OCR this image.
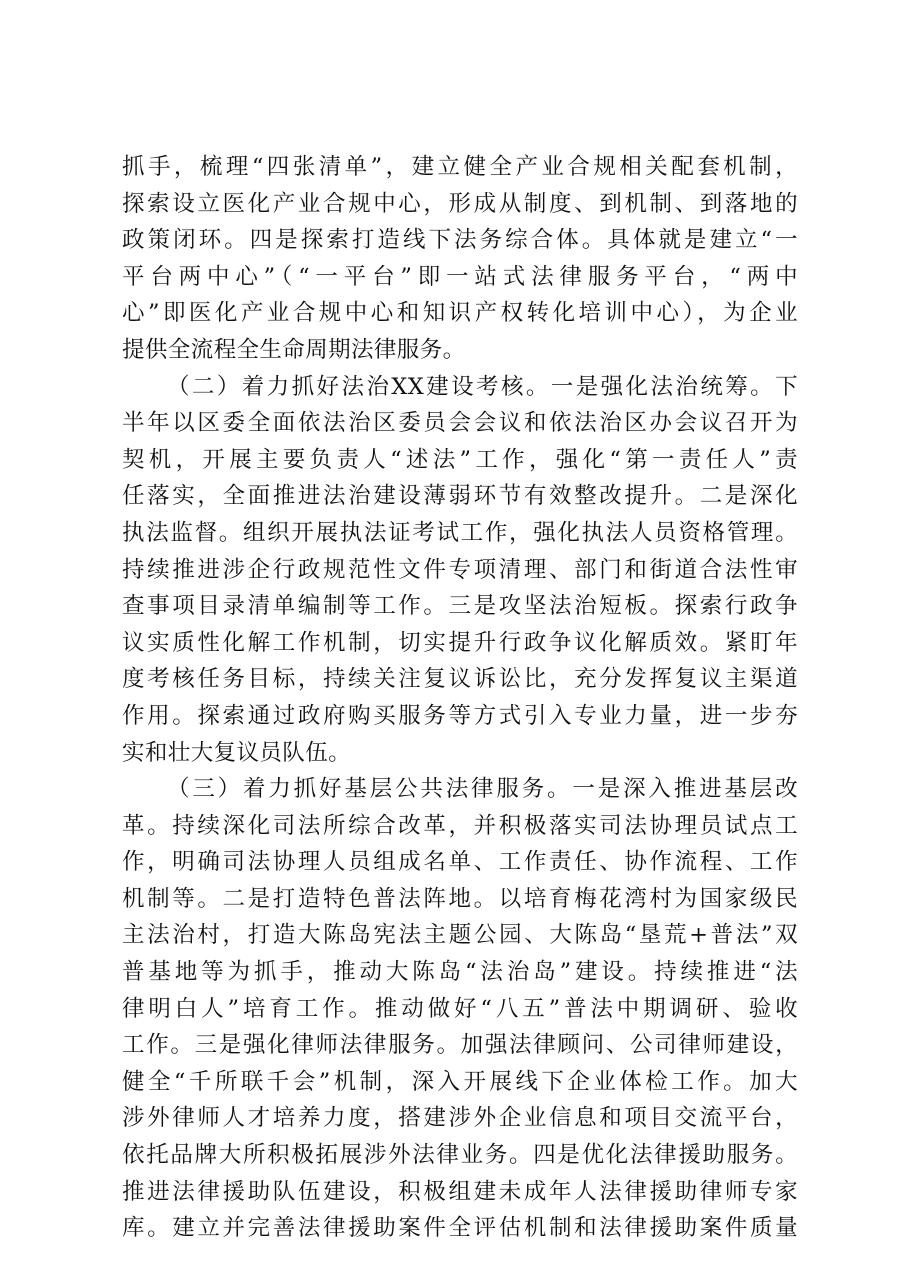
抓手，梳理“四张清单”，建立健全产业合规相关配套机制，
探索设立医化产业合规中心，形成从制度、到机制、到落地的
政策闭环。四是探索打造线下法务综合体。具体就是建立“一
平台两中心”（“一平台”即一站式法律服务平台，“两中
心”即医化产业合规中心和知识产权转化培训中心），为企业
提供全流程全生命周期法律服务。
（二）着力抓好法治XX建设考核。一是强化法治统筹。下
半年以区委全面依法治区委员会会议和依法治区办会议召开为
契机，开展主要负责人“述法”工作，强化“第一责任人”责
任落实，全面推进法治建设薄弱环节有效整改提升。二是深化
执法监督。组织开展执法证考试工作，强化执法人员资格管理。
持续推进涉企行政规范性文件专项清理、部门和街道合法性审
查事项目录清单编制等工作。三是攻坚法治短板。探索行政争
议实质性化解工作机制，切实提升行政争议化解质效。紧盯年
度考核任务目标，持续关注复议诉讼比，充分发挥复议主渠道
作用。探索通过政府购买服务等方式引入专业力量，进一步夯
实和壮大复议员队伍。
（三）着力抓好基层公共法律服务。一是深入推进基层改
革。持续深化司法所综合改革，并积极落实司法协理员试点工
作，明确司法协理人员组成名单、工作责任、协作流程、工作
机制等。二是打造特色普法阵地。以培育梅花湾村为国家级民
主法治村，打造大陈岛宪法主题公园、大陈岛“垦荒+普法”双
普基地等为抓手，推动大陈岛“法治岛”建设。持续推进“法
律明白人”培育工作。推动做好“八五”普法中期调研、验收
工作。三是强化律师法律服务。加强法律顾问、公司律师建设，
健全“千所联千会”机制，深入开展线下企业体检工作。加大
涉外律师人才培养力度，搭建涉外企业信息和项目交流平台，
依托品牌大所积极拓展涉外法律业务。四是优化法律援助服务。
推进法律援助队伍建设，积极组建未成年人法律援助律师专家
库。建立并完善法律援助案件全评估机制和法律援助案件质量
